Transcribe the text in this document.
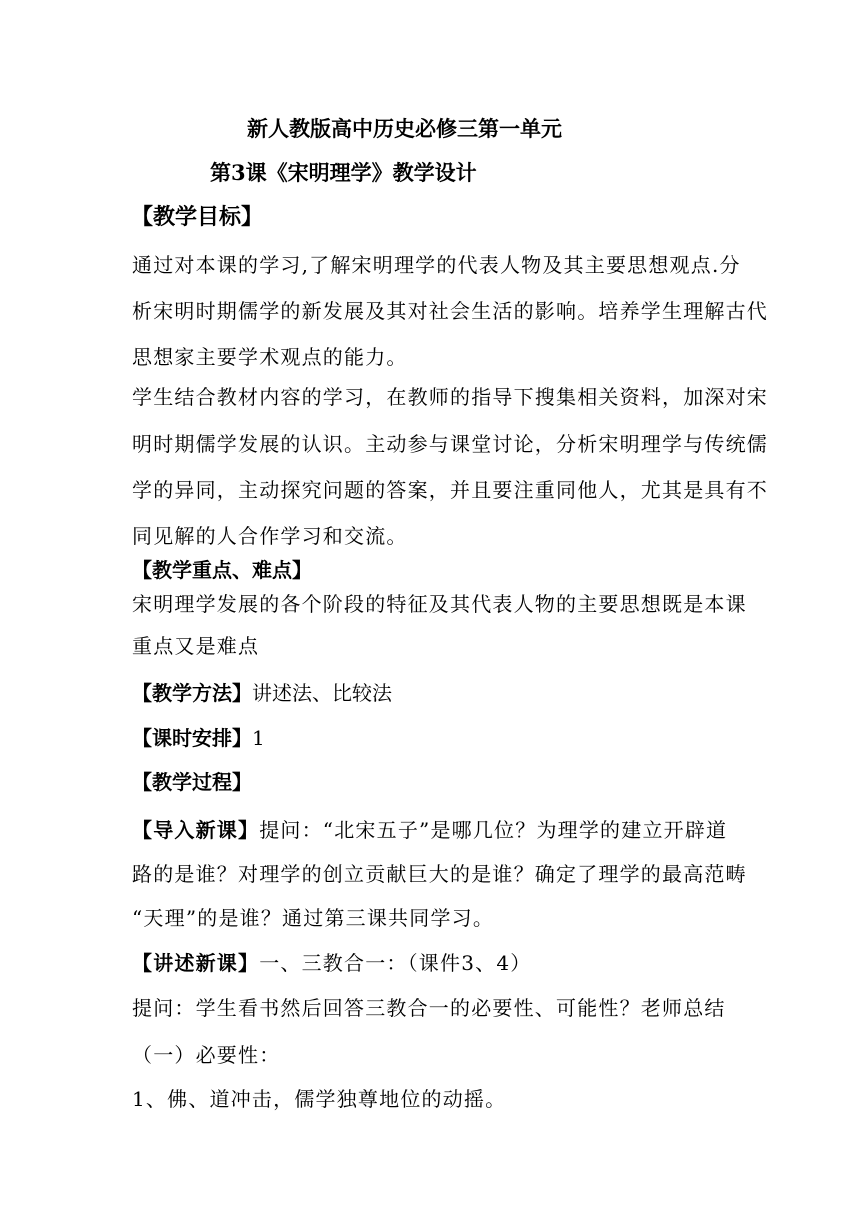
新人教版高中历史必修三第一单元
第3课《宋明理学》教学设计
【教学目标】
通过对本课的学习,了解宋明理学的代表人物及其主要思想观点.分
析宋明时期儒学的新发展及其对社会生活的影响。培养学生理解古代
思想家主要学术观点的能力。
学生结合教材内容的学习，在教师的指导下搜集相关资料，加深对宋
明时期儒学发展的认识。主动参与课堂讨论，分析宋明理学与传统儒
学的异同，主动探究问题的答案，并且要注重同他人，尤其是具有不
同见解的人合作学习和交流。
【教学重点、难点】
宋明理学发展的各个阶段的特征及其代表人物的主要思想既是本课
重点又是难点
【教学方法】讲述法、比较法
【课时安排】1
【教学过程】
【导入新课】提问：“北宋五子”是哪几位？为理学的建立开辟道
路的是谁？对理学的创立贡献巨大的是谁？确定了理学的最高范畴
“天理”的是谁？通过第三课共同学习。
【讲述新课】一、三教合一：（课件3、4）
提问：学生看书然后回答三教合一的必要性、可能性？老师总结
（一）必要性：
1、佛、道冲击，儒学独尊地位的动摇。
